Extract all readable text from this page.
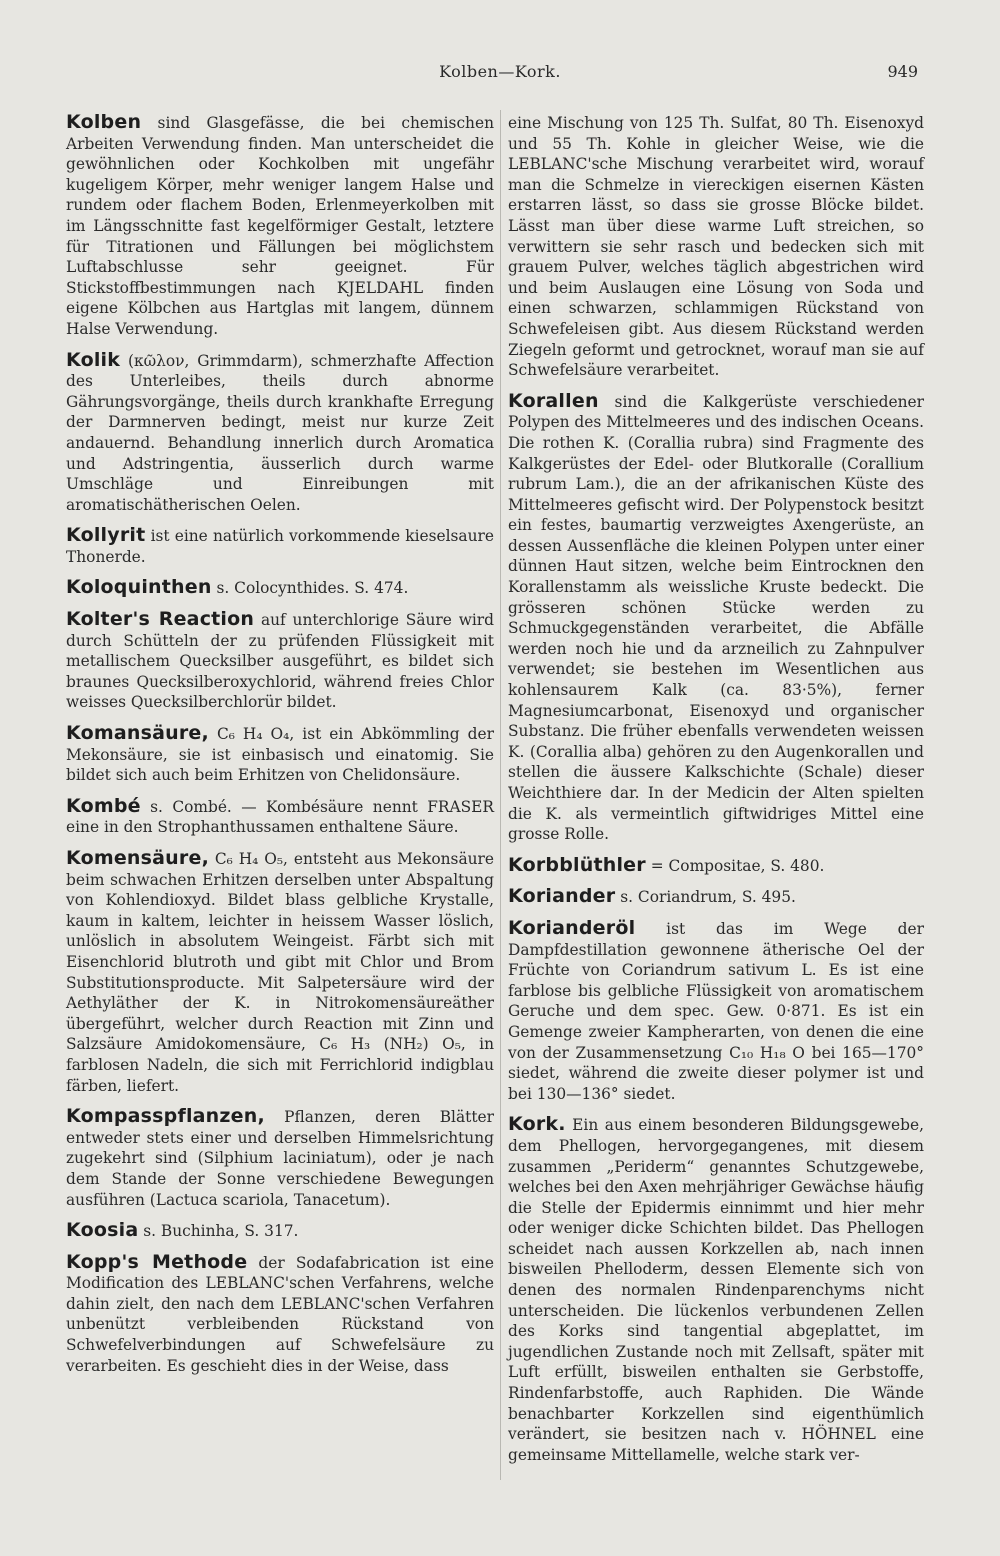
Kolben—Kork.	949

Kolben sind Glasgefässe, die bei chemischen Arbeiten Verwendung finden. Man unterscheidet die gewöhnlichen oder Kochkolben mit ungefähr kugeligem Körper, mehr weniger langem Halse und rundem oder flachem Boden, Erlenmeyerkolben mit im Längsschnitte fast kegelförmiger Gestalt, letztere für Titrationen und Fällungen bei möglichstem Luftabschlusse sehr geeignet. Für Stickstoffbestimmungen nach KJELDAHL finden eigene Kölbchen aus Hartglas mit langem, dünnem Halse Verwendung.

Kolik (κῶλον, Grimmdarm), schmerzhafte Affection des Unterleibes, theils durch abnorme Gährungsvorgänge, theils durch krankhafte Erregung der Darmnerven bedingt, meist nur kurze Zeit andauernd. Behandlung innerlich durch Aromatica und Adstringentia, äusserlich durch warme Umschläge und Einreibungen mit aromatischätherischen Oelen.

Kollyrit ist eine natürlich vorkommende kieselsaure Thonerde.

Koloquinthen s. Colocynthides. S. 474.

Kolter's Reaction auf unterchlorige Säure wird durch Schütteln der zu prüfenden Flüssigkeit mit metallischem Quecksilber ausgeführt, es bildet sich braunes Quecksilberoxychlorid, während freies Chlor weisses Quecksilberchlorür bildet.

Komansäure, C₆ H₄ O₄, ist ein Abkömmling der Mekonsäure, sie ist einbasisch und einatomig. Sie bildet sich auch beim Erhitzen von Chelidonsäure.

Kombé s. Combé. — Kombésäure nennt FRASER eine in den Strophanthussamen enthaltene Säure.

Komensäure, C₆ H₄ O₅, entsteht aus Mekonsäure beim schwachen Erhitzen derselben unter Abspaltung von Kohlendioxyd. Bildet blass gelbliche Krystalle, kaum in kaltem, leichter in heissem Wasser löslich, unlöslich in absolutem Weingeist. Färbt sich mit Eisenchlorid blutroth und gibt mit Chlor und Brom Substitutionsproducte. Mit Salpetersäure wird der Aethyläther der K. in Nitrokomensäureäther übergeführt, welcher durch Reaction mit Zinn und Salzsäure Amidokomensäure, C₆ H₃ (NH₂) O₅, in farblosen Nadeln, die sich mit Ferrichlorid indigblau färben, liefert.

Kompasspflanzen, Pflanzen, deren Blätter entweder stets einer und derselben Himmelsrichtung zugekehrt sind (Silphium laciniatum), oder je nach dem Stande der Sonne verschiedene Bewegungen ausführen (Lactuca scariola, Tanacetum).

Koosia s. Buchinha, S. 317.

Kopp's Methode der Sodafabrication ist eine Modification des LEBLANC'schen Verfahrens, welche dahin zielt, den nach dem LEBLANC'schen Verfahren unbenützt verbleibenden Rückstand von Schwefelverbindungen auf Schwefelsäure zu verarbeiten. Es geschieht dies in der Weise, dass

eine Mischung von 125 Th. Sulfat, 80 Th. Eisenoxyd und 55 Th. Kohle in gleicher Weise, wie die LEBLANC'sche Mischung verarbeitet wird, worauf man die Schmelze in viereckigen eisernen Kästen erstarren lässt, so dass sie grosse Blöcke bildet. Lässt man über diese warme Luft streichen, so verwittern sie sehr rasch und bedecken sich mit grauem Pulver, welches täglich abgestrichen wird und beim Auslaugen eine Lösung von Soda und einen schwarzen, schlammigen Rückstand von Schwefeleisen gibt. Aus diesem Rückstand werden Ziegeln geformt und getrocknet, worauf man sie auf Schwefelsäure verarbeitet.

Korallen sind die Kalkgerüste verschiedener Polypen des Mittelmeeres und des indischen Oceans. Die rothen K. (Corallia rubra) sind Fragmente des Kalkgerüstes der Edel- oder Blutkoralle (Corallium rubrum Lam.), die an der afrikanischen Küste des Mittelmeeres gefischt wird. Der Polypenstock besitzt ein festes, baumartig verzweigtes Axengerüste, an dessen Aussenfläche die kleinen Polypen unter einer dünnen Haut sitzen, welche beim Eintrocknen den Korallenstamm als weissliche Kruste bedeckt. Die grösseren schönen Stücke werden zu Schmuckgegenständen verarbeitet, die Abfälle werden noch hie und da arzneilich zu Zahnpulver verwendet; sie bestehen im Wesentlichen aus kohlensaurem Kalk (ca. 83·5%), ferner Magnesiumcarbonat, Eisenoxyd und organischer Substanz. Die früher ebenfalls verwendeten weissen K. (Corallia alba) gehören zu den Augenkorallen und stellen die äussere Kalkschichte (Schale) dieser Weichthiere dar. In der Medicin der Alten spielten die K. als vermeintlich giftwidriges Mittel eine grosse Rolle.

Korbblüthler = Compositae, S. 480.

Koriander s. Coriandrum, S. 495.

Korianderöl ist das im Wege der Dampfdestillation gewonnene ätherische Oel der Früchte von Coriandrum sativum L. Es ist eine farblose bis gelbliche Flüssigkeit von aromatischem Geruche und dem spec. Gew. 0·871. Es ist ein Gemenge zweier Kampherarten, von denen die eine von der Zusammensetzung C₁₀ H₁₈ O bei 165—170° siedet, während die zweite dieser polymer ist und bei 130—136° siedet.

Kork. Ein aus einem besonderen Bildungsgewebe, dem Phellogen, hervorgegangenes, mit diesem zusammen „Periderm“ genanntes Schutzgewebe, welches bei den Axen mehrjähriger Gewächse häufig die Stelle der Epidermis einnimmt und hier mehr oder weniger dicke Schichten bildet. Das Phellogen scheidet nach aussen Korkzellen ab, nach innen bisweilen Phelloderm, dessen Elemente sich von denen des normalen Rindenparenchyms nicht unterscheiden. Die lückenlos verbundenen Zellen des Korks sind tangential abgeplattet, im jugendlichen Zustande noch mit Zellsaft, später mit Luft erfüllt, bisweilen enthalten sie Gerbstoffe, Rindenfarbstoffe, auch Raphiden. Die Wände benachbarter Korkzellen sind eigenthümlich verändert, sie besitzen nach v. HÖHNEL eine gemeinsame Mittellamelle, welche stark ver-
